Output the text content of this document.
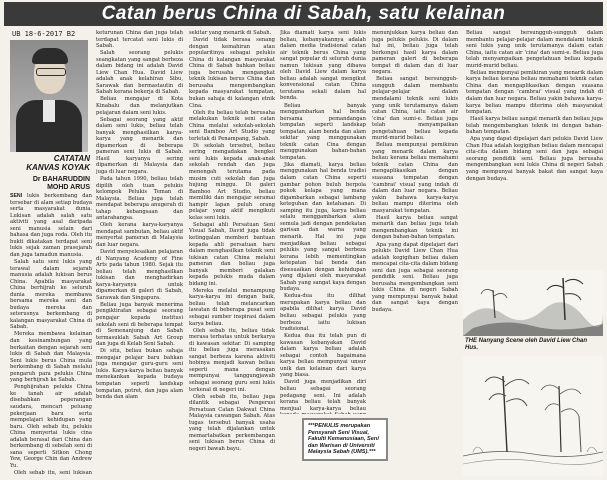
Catan berus China di Sabah, satu kelainan
UB 18-6-2017 B2
CATATAN
KANVAS KOYAK
Dr BAHARUDDIN
MOHD ARUS

SENI lukis berkembang dan tersebar di alam setiap budaya serta masyarakat dunia. Lukisan adalah salah satu aktiviti yang asal daripada seni manusia selain dari bahasa dan juga roda. Oleh itu bukti dikatakan terdapat seni lukis sejak zaman prasejarah dan juga tamadun manusia.

Salah satu seni lukis yang terawal dalam sejarah manusia adalah lukisan berus China. Apabila masyarakat China berhijrah ke seluruh dunia mereka membawa bersama mereka seni dan budaya mereka dan seterusnya berkembang di kalangan masyarakat China di Sabah.

Mereka membawa kelainan dan kesinambungan yang berkaitan dengan sejarah seni lukis di Sabah dan Malaysia. Seni lukis berus China mula berkembang di Sabah melalui pengaruh para pelukis China yang berhijrah ke Sabah.

Penghijrahan pelukis China ke tanah air adalah disebabkan peperangan saudara, mencari peluang pekerjaan baru serta mempelajari kehidupan yang baru. Oleh sebab itu, pelukis China menyertai lukis cina adalah berasal dari China dan berkembang di sebelah seni di sana seperti Sitkon Chong Yew, George Chin dan Andrew Yu.

Oleh sebab itu, seni lukisan

keturunan China dan juga telah terdapat tercatat seni lukis di Sabah.

Salah seorang pelukis seangkatan yang sangat berbeza dalam bidang ini adalah David Liew Chan Hua. David Liew adalah anak kelahiran Sibu, Sarawak dan bermastautin di Sabah kerana bekerja di Sabah.

Beliau mengajar di Kota Kinabalu dan melanjutkan pelajaran dalam seni lukis.

Sebagai seorang yang aktif dalam seni lukis, beliau telah banyak menghasilkan karya-karya yang menarik dan dipamerkan di beberapa pameran seni lukis di Sabah. Hasil karyanya sering dipamerkan di Malaysia dan juga di luar negara.

Pada tahun 1990, beliau telah dipilih oleh tuan pelukis kelompok Pelukis Teman di Malaysia. Beliau juga telah mendapat beberapa anugerah di tahap kebangsaan dan antarabangsa.

Oleh kerana karya-karyanya mendapat sambutan, beliau aktif menyertai pameran di Malaysia dan luar negara.

David menyelesaikan pelajaran di Nanyang Academy of Fine Arts pada tahun 1980. Sejak itu beliau telah menghasilkan lukisan dan menghadirkan karya-karyanya untuk dipamerkan di galeri di Sabah, Sarawak dan Singapura.

Beliau juga banyak menerima pengiktirafan sebagai seorang pengajar kepada institusi sekolah seni di beberapa tempat di Semenanjung dan Sabah termasuklah Sabah Art Group dan juga di Kelab Seni Sabah.

Di situ, beliau bukan sahaja mengajar pelajar baru bahkan juga mengajar guru-guru seni lukis. Karya-karya beliau banyak menekankan kepada budaya tempatan seperti landskap tempatan, potret, dan juga alam benda dan alam

sekitar yang menarik di Sabah.

David tidak berasa senang dengan kemahiran atau popularitinya sebagai pelukis China di kalangan masyarakat China di Sabah bahkan beliau juga berusaha mengangkat teknik lukisan berus China dan berusaha mengembangkan kepada masyarakat tempatan, bukan sahaja di kalangan etnik Cina.

Oleh itu beliau telah berusaha melakukan teknik seni catan China melalui sekolah-sekolah seni Bamboo Art Studio yang terletak di Penampang, Sabah.

Di sekolah tersebut, beliau sering mengadakan bengkel seni lukis kepada anak-anak sekolah rendah dan juga menengah terutama pada musim cuti sekolah dan juga hujung minggu. Di galeri Bamboo Art Studio, beliau memiliki dan mengajar seramai hampir lapan puluh orang pelajar yang aktif mengikuti kelas seni lukis.

Sebagai ahli Persatuan Seni Visual Sabah, David juga tidak ketinggalan memberi bantuan kepada ahli persatuan baru dalam menghasilkan teknik seni lukisan catan China melalui pameran dan beliau juga banyak memberi galakan kepada pelukis muda dalam bidang ini.

Mereka melalui menampung karya-karya ini dengan baik, beliau telah melancarkan lawatan di beberapa pusat seni sebagai sumber inspirasi dalam karya beliau.

Oleh sebab itu, beliau tidak merasa terbatas untuk berkarya di kawasan sekitar. Di samping itu beliau juga merasakan sangat berbeza karena aktiviti hobinya menjadi kawan beliau seperti mana dengan mempunyai tanggungjawab sebagai seorang guru seni lukis terkenal di negeri ini.

Oleh sebab itu, beliau juga dilantik sebagai Pengerusi Persatuan Catan Dakwat China Malaysia cawangan Sabah. Atas tugas tersebut banyak usaha yang telah dijalankan untuk memartabatkan perkembangan seni lukisan berus China di negeri bawah bayu.

Jika diamati karya seni lukis beliau, kebanyakannya adalah dalam media tradisional catan air teknik berus China yang sangat popular di seluruh dunia namun lukisan yang dibawa oleh David Liew dalam karya beliau adalah sangat mengikut konvensional catan China terutama sekali dalam hal benda.

Beliau banyak menggambarkan hal benda bersama pemandangan tempatan seperti landskap tempatan, alam benda dan alam sekitar yang menggunakan teknik catan Cina dengan menggunakan bahan-bahan tempatan.

Jika diamati, karya beliau menggunakan hal benda tradisi dalam catan China seperti gambar pohon buluh berpola pokok kelapa yang mana digambarkan sebagai lambang keteguhan dan ketahanan. Di samping itu juga, karya beliau selalu menggambarkan alam semula jadi dengan pendekatan garisan dan warna yang menarik. Hal ini juga menjadikan beliau sebagai pelukis yang sangat berbeza kerana lebih mementingkan ketepatan hal benda dan disesuaikan dengan kehidupan yang dijalani oleh masyarakat Sabah yang sangat kaya dengan budaya.

Kedua-dua itu dilihat merupakan karya beliau dan apabila dilihat karya David beliau sebagai pelukis yang berbeza iaitu lukisan tradisional.

Kedua dua itu telah pun di kawasan kebanyakan David dalam karya beliau adalah sebagai contoh bagaimana karya beliau mempunyai unsur unik dan kelainan dari karya yang biasa.

David juga menjadikan diri beliau sebagai seorang pedagang seni. Ini adalah kerana beliau telah banyak menjual karya-karya beliau

***PENULIS merupakan Pensyarah Seni Visual, Fakulti Kemanusiaan, Seni dan Warisan di Universiti Malaysia Sabah (UMS).***

menunjukkan karya beliau dan juga pelukis pelukis. Di dalam hal ini, beliau juga telah berkongsi hasil karya dalam pameran galeri di beberapa tempat di dalam dan di luar negara.

Beliau sangat bersungguh-sungguh dalam membantu pelajar-pelajar dalam mendalami teknik seni lukis yang unik terutamanya dalam catan China, iaitu catan air 'cina' dan sumi-e. Beliau juga telah menyampaikan pengetahuan beliau kepada murid-murid beliau.

Beliau mempunyai pemikiran yang menarik dalam karya beliau kerana beliau memahami teknik catan China dan mengaplikasikan dengan suasana tempatan dengan 'cambrai' visual yang indah di dalam dan luar negara. Beliau yakin bahawa karya-karya beliau mampu diterima oleh masyarakat tempatan.

Hasil karya beliau sangat menarik dan beliau juga telah mengembangkan teknik ini dengan bahan-bahan tempatan.

Apa yang dapat dipelajari dari pelukis David Liew Chan Hua adalah kegigihan beliau dalam mencapai cita-cita dalam bidang seni dan juga sebagai seorang pendidik seni. Beliau juga berusaha mengembangkan seni lukis China di negeri Sabah yang mempunyai banyak bakat dan sangat kaya dengan budaya.

Beliau sangat bersungguh-sungguh dalam membantu pelajar-pelajar dalam mendalami teknik seni lukis yang unik terutamanya dalam catan China, iaitu catan air 'cina' dan sumi-e. Beliau juga telah menyampaikan pengetahuan beliau kepada murid-murid beliau.

Beliau mempunyai pemikiran yang menarik dalam karya beliau kerana beliau memahami teknik catan China dan mengaplikasikan dengan suasana tempatan dengan 'cambrai' visual yang indah di dalam dan luar negara. Beliau yakin bahawa karya-karya beliau mampu diterima oleh masyarakat tempatan.

Hasil karya beliau sangat menarik dan beliau juga telah mengembangkan teknik ini dengan bahan-bahan tempatan.

Apa yang dapat dipelajari dari pelukis David Liew Chan Hua adalah kegigihan beliau dalam mencapai cita-cita dalam bidang seni dan juga sebagai seorang pendidik seni. Beliau juga berusaha mengembangkan seni lukis China di negeri Sabah yang mempunyai banyak bakat dan sangat kaya dengan budaya.

THE Nanyang Scene oleh David Liew Chan Hus.
